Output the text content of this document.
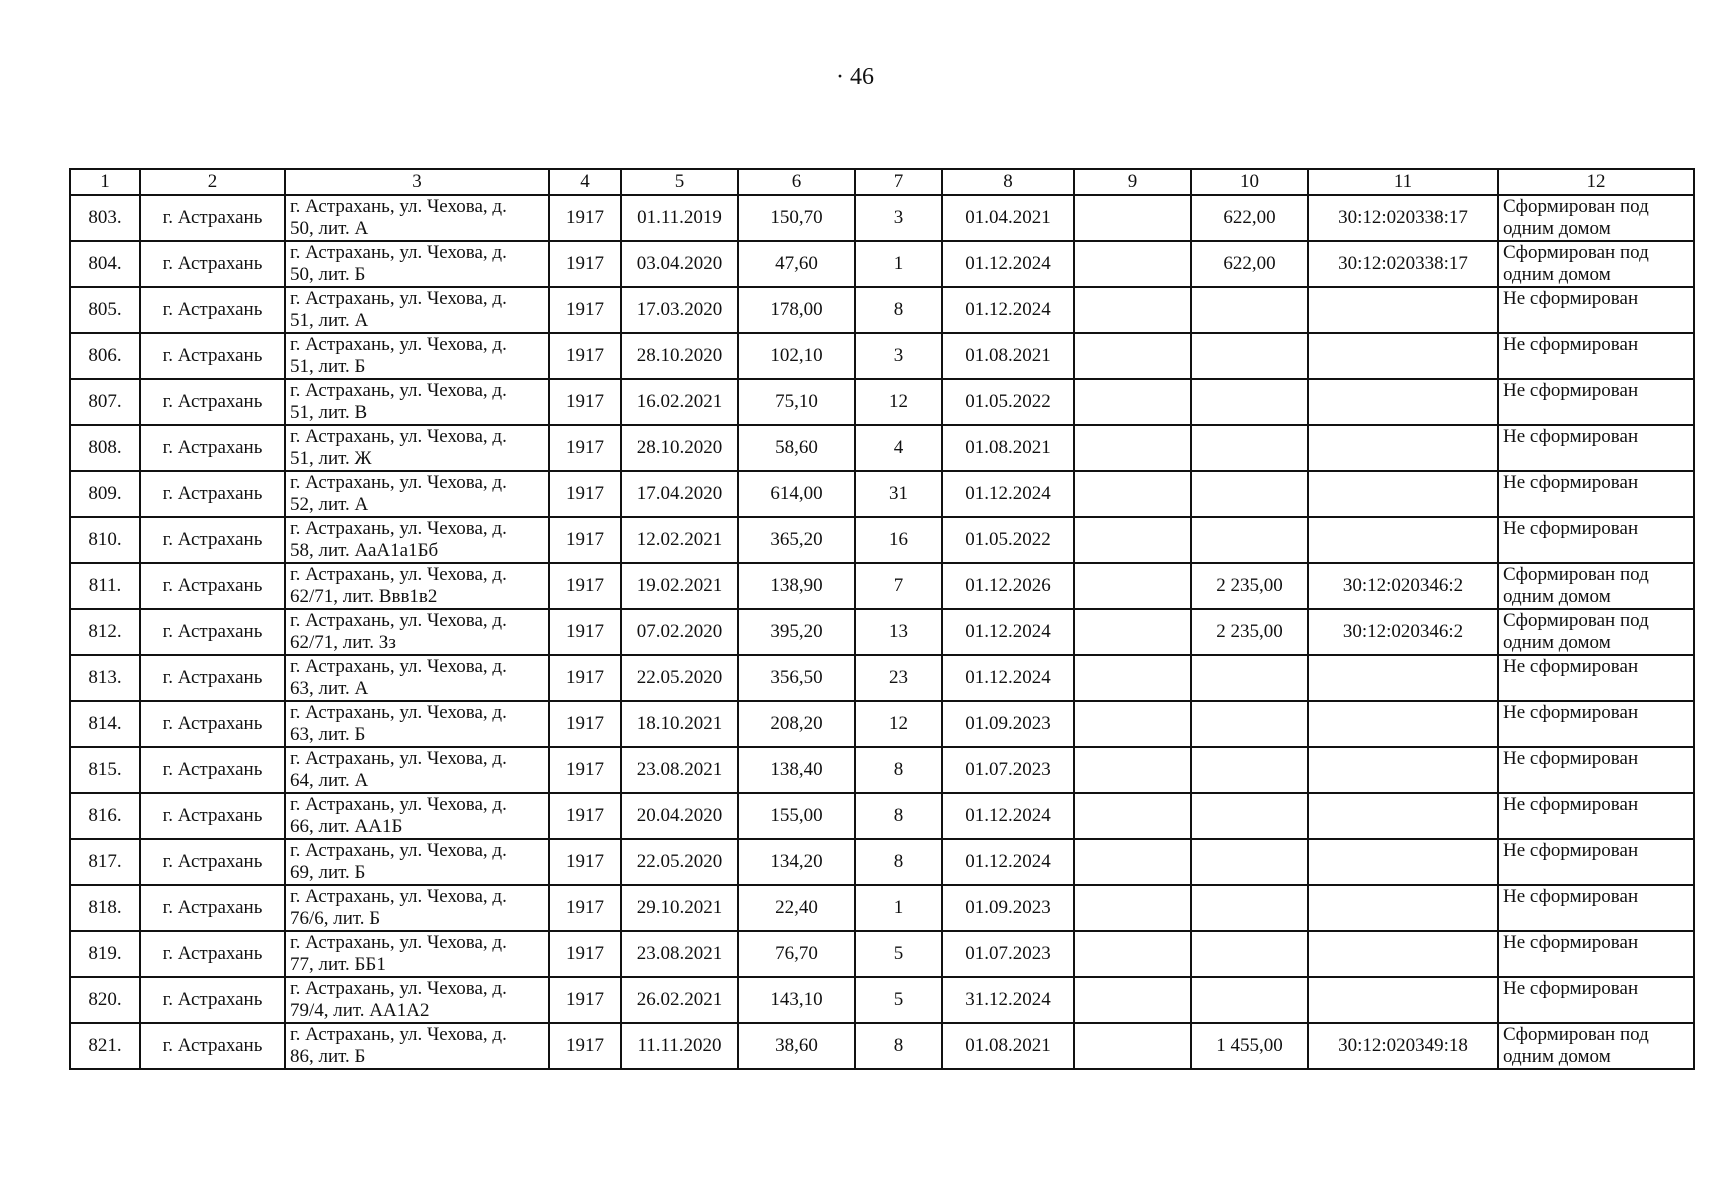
· 46
1	2	3	4	5	6	7	8	9	10	11	12
803.	г. Астрахань	г. Астрахань, ул. Чехова, д.
50, лит. А	1917	01.11.2019	150,70	3	01.04.2021		622,00	30:12:020338:17	Сформирован под
одним домом
804.	г. Астрахань	г. Астрахань, ул. Чехова, д.
50, лит. Б	1917	03.04.2020	47,60	1	01.12.2024		622,00	30:12:020338:17	Сформирован под
одним домом
805.	г. Астрахань	г. Астрахань, ул. Чехова, д.
51, лит. А	1917	17.03.2020	178,00	8	01.12.2024				Не сформирован

806.	г. Астрахань	г. Астрахань, ул. Чехова, д.
51, лит. Б	1917	28.10.2020	102,10	3	01.08.2021				Не сформирован

807.	г. Астрахань	г. Астрахань, ул. Чехова, д.
51, лит. В	1917	16.02.2021	75,10	12	01.05.2022				Не сформирован

808.	г. Астрахань	г. Астрахань, ул. Чехова, д.
51, лит. Ж	1917	28.10.2020	58,60	4	01.08.2021				Не сформирован

809.	г. Астрахань	г. Астрахань, ул. Чехова, д.
52, лит. А	1917	17.04.2020	614,00	31	01.12.2024				Не сформирован

810.	г. Астрахань	г. Астрахань, ул. Чехова, д.
58, лит. АаА1а1Бб	1917	12.02.2021	365,20	16	01.05.2022				Не сформирован

811.	г. Астрахань	г. Астрахань, ул. Чехова, д.
62/71, лит. Ввв1в2	1917	19.02.2021	138,90	7	01.12.2026		2 235,00	30:12:020346:2	Сформирован под
одним домом
812.	г. Астрахань	г. Астрахань, ул. Чехова, д.
62/71, лит. Зз	1917	07.02.2020	395,20	13	01.12.2024		2 235,00	30:12:020346:2	Сформирован под
одним домом
813.	г. Астрахань	г. Астрахань, ул. Чехова, д.
63, лит. А	1917	22.05.2020	356,50	23	01.12.2024				Не сформирован

814.	г. Астрахань	г. Астрахань, ул. Чехова, д.
63, лит. Б	1917	18.10.2021	208,20	12	01.09.2023				Не сформирован

815.	г. Астрахань	г. Астрахань, ул. Чехова, д.
64, лит. А	1917	23.08.2021	138,40	8	01.07.2023				Не сформирован

816.	г. Астрахань	г. Астрахань, ул. Чехова, д.
66, лит. АА1Б	1917	20.04.2020	155,00	8	01.12.2024				Не сформирован

817.	г. Астрахань	г. Астрахань, ул. Чехова, д.
69, лит. Б	1917	22.05.2020	134,20	8	01.12.2024				Не сформирован

818.	г. Астрахань	г. Астрахань, ул. Чехова, д.
76/6, лит. Б	1917	29.10.2021	22,40	1	01.09.2023				Не сформирован

819.	г. Астрахань	г. Астрахань, ул. Чехова, д.
77, лит. ББ1	1917	23.08.2021	76,70	5	01.07.2023				Не сформирован

820.	г. Астрахань	г. Астрахань, ул. Чехова, д.
79/4, лит. АА1А2	1917	26.02.2021	143,10	5	31.12.2024				Не сформирован

821.	г. Астрахань	г. Астрахань, ул. Чехова, д.
86, лит. Б	1917	11.11.2020	38,60	8	01.08.2021		1 455,00	30:12:020349:18	Сформирован под
одним домом
